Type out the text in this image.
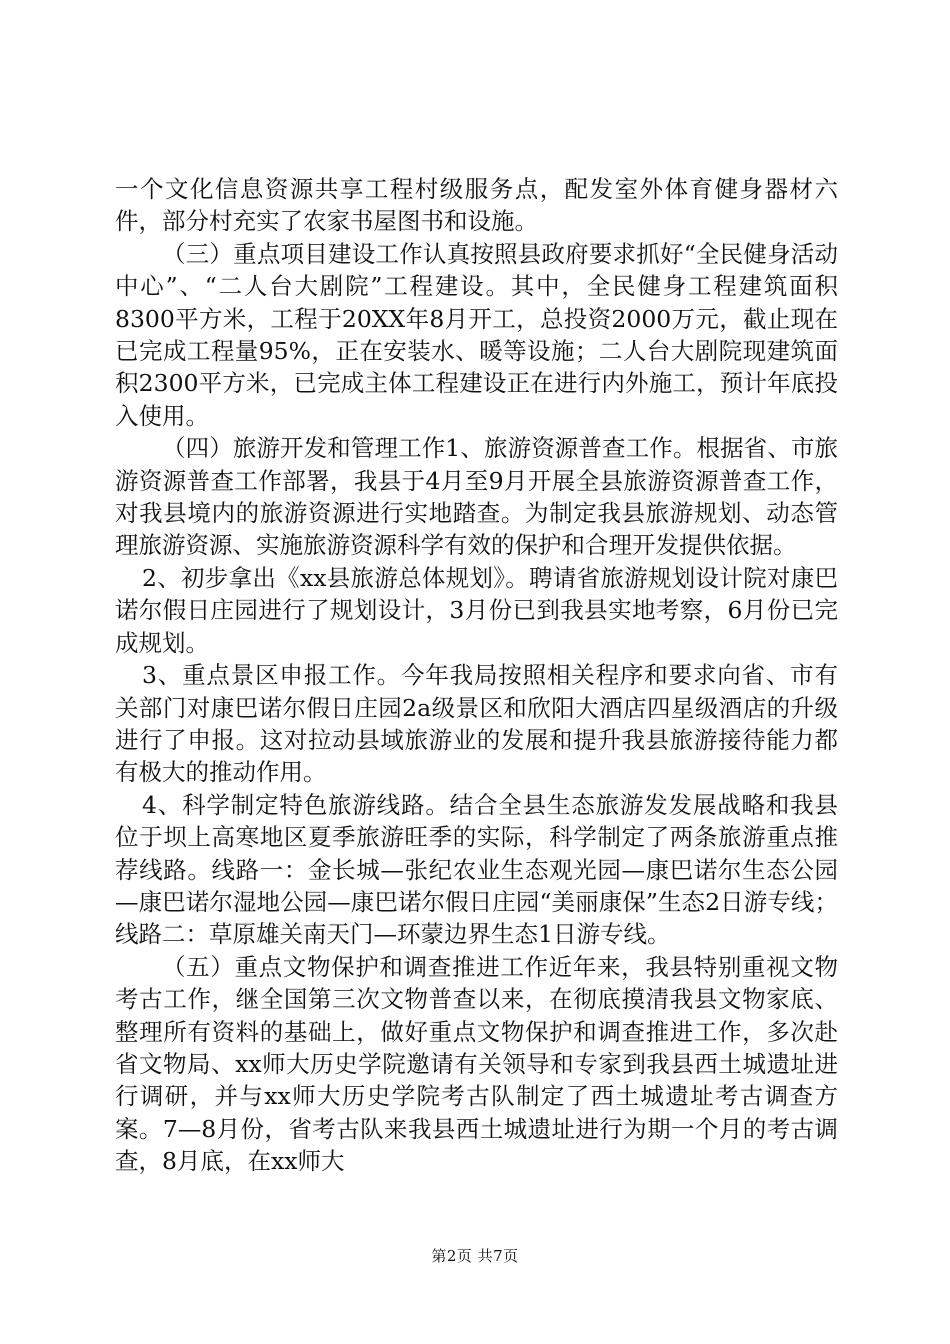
一个文化信息资源共享工程村级服务点，配发室外体育健身器材六件，部分村充实了农家书屋图书和设施。

（三）重点项目建设工作认真按照县政府要求抓好“全民健身活动中心”、“二人台大剧院”工程建设。其中，全民健身工程建筑面积8300平方米，工程于20XX年8月开工，总投资2000万元，截止现在已完成工程量95%，正在安装水、暖等设施；二人台大剧院现建筑面积2300平方米，已完成主体工程建设正在进行内外施工，预计年底投入使用。

（四）旅游开发和管理工作1、旅游资源普查工作。根据省、市旅游资源普查工作部署，我县于4月至9月开展全县旅游资源普查工作，对我县境内的旅游资源进行实地踏查。为制定我县旅游规划、动态管理旅游资源、实施旅游资源科学有效的保护和合理开发提供依据。

2、初步拿出《xx县旅游总体规划》。聘请省旅游规划设计院对康巴诺尔假日庄园进行了规划设计，3月份已到我县实地考察，6月份已完成规划。

3、重点景区申报工作。今年我局按照相关程序和要求向省、市有关部门对康巴诺尔假日庄园2a级景区和欣阳大酒店四星级酒店的升级进行了申报。这对拉动县域旅游业的发展和提升我县旅游接待能力都有极大的推动作用。

4、科学制定特色旅游线路。结合全县生态旅游发发展战略和我县位于坝上高寒地区夏季旅游旺季的实际，科学制定了两条旅游重点推荐线路。线路一：金长城—张纪农业生态观光园—康巴诺尔生态公园—康巴诺尔湿地公园—康巴诺尔假日庄园“美丽康保”生态2日游专线；线路二：草原雄关南天门—环蒙边界生态1日游专线。

（五）重点文物保护和调查推进工作近年来，我县特别重视文物考古工作，继全国第三次文物普查以来，在彻底摸清我县文物家底、整理所有资料的基础上，做好重点文物保护和调查推进工作，多次赴省文物局、xx师大历史学院邀请有关领导和专家到我县西土城遗址进行调研，并与xx师大历史学院考古队制定了西土城遗址考古调查方案。7—8月份，省考古队来我县西土城遗址进行为期一个月的考古调查，8月底，在xx师大

第2页 共7页
